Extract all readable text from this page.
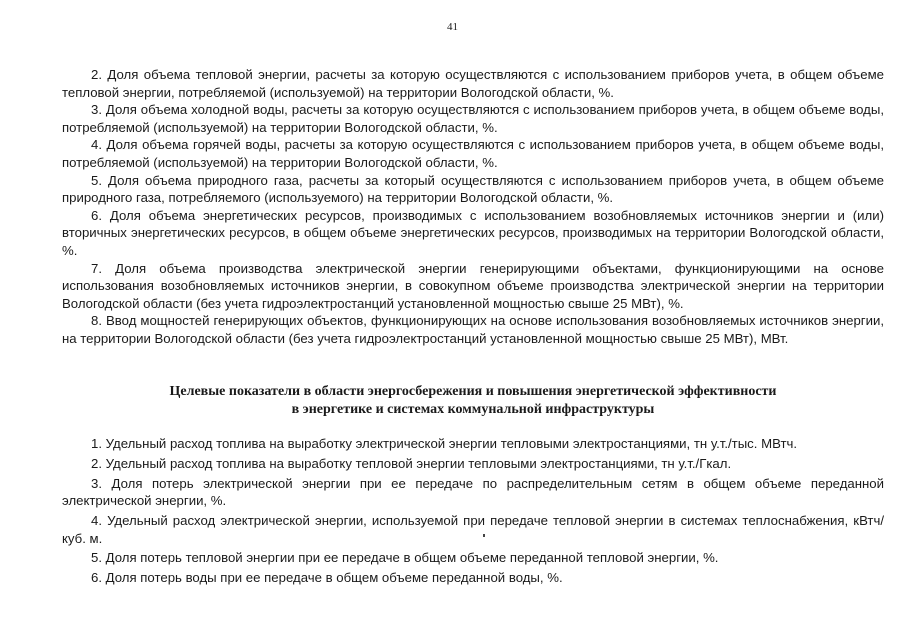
41

2. Доля объема тепловой энергии, расчеты за которую осуществляются с использованием приборов учета, в общем объеме тепловой энергии, потребляемой (используемой) на территории Вологодской области, %.

3. Доля объема холодной воды, расчеты за которую осуществляются с использованием приборов учета, в общем объеме воды, потребляемой (используемой) на территории Вологодской области, %.

4. Доля объема горячей воды, расчеты за которую осуществляются с использованием приборов учета, в общем объеме воды, потребляемой (используемой) на территории Вологодской области, %.

5. Доля объема природного газа, расчеты за который осуществляются с использованием приборов учета, в общем объеме природного газа, потребляемого (используемого) на территории Вологодской области, %.

6. Доля объема энергетических ресурсов, производимых с использованием возобновляемых источников энергии и (или) вторичных энергетических ресурсов, в общем объеме энергетических ресурсов, производимых на территории Вологодской области, %.

7. Доля объема производства электрической энергии генерирующими объектами, функционирующими на основе использования возобновляемых источников энергии, в совокупном объеме производства электрической энергии на территории Вологодской области (без учета гидроэлектростанций установленной мощностью свыше 25 МВт), %.

8. Ввод мощностей генерирующих объектов, функционирующих на основе использования возобновляемых источников энергии, на территории Вологодской области (без учета гидроэлектростанций установленной мощностью свыше 25 МВт), МВт.

Целевые показатели в области энергосбережения и повышения энергетической эффективности
в энергетике и системах коммунальной инфраструктуры

1. Удельный расход топлива на выработку электрической энергии тепловыми электростанциями, тн у.т./тыс. МВтч.

2. Удельный расход топлива на выработку тепловой энергии тепловыми электростанциями, тн у.т./Гкал.

3. Доля потерь электрической энергии при ее передаче по распределительным сетям в общем объеме переданной электрической энергии, %.

4. Удельный расход электрической энергии, используемой при передаче тепловой энергии в системах теплоснабжения, кВтч/куб. м.

5. Доля потерь тепловой энергии при ее передаче в общем объеме переданной тепловой энергии, %.

6. Доля потерь воды при ее передаче в общем объеме переданной воды, %.
